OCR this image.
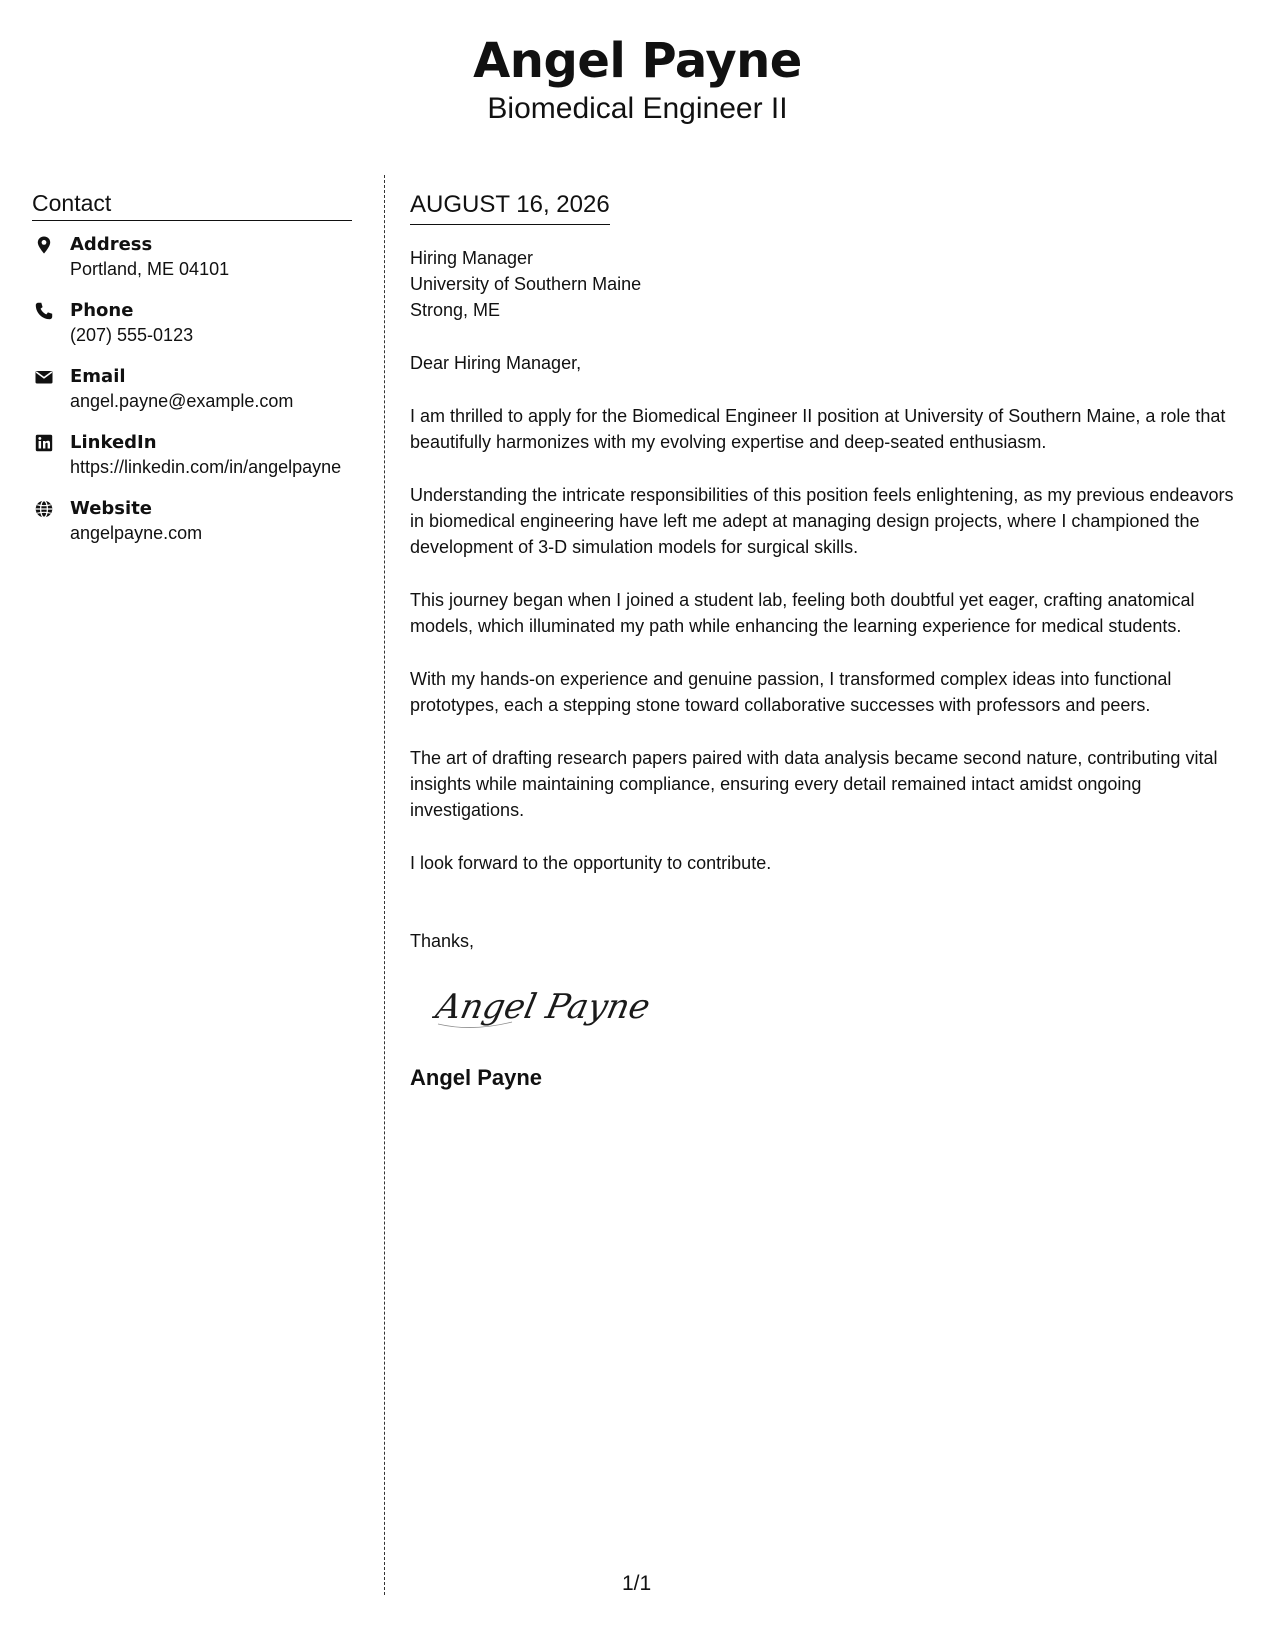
Angel Payne
Biomedical Engineer II
Contact
Address
Portland, ME 04101
Phone
(207) 555-0123
Email
angel.payne@example.com
LinkedIn
https://linkedin.com/in/angelpayne
Website
angelpayne.com
AUGUST 16, 2026
Hiring Manager
University of Southern Maine
Strong, ME

Dear Hiring Manager,

I am thrilled to apply for the Biomedical Engineer II position at University of Southern Maine, a role that beautifully harmonizes with my evolving expertise and deep-seated enthusiasm.

Understanding the intricate responsibilities of this position feels enlightening, as my previous endeavors in biomedical engineering have left me adept at managing design projects, where I championed the development of 3-D simulation models for surgical skills.

This journey began when I joined a student lab, feeling both doubtful yet eager, crafting anatomical models, which illuminated my path while enhancing the learning experience for medical students.

With my hands-on experience and genuine passion, I transformed complex ideas into functional prototypes, each a stepping stone toward collaborative successes with professors and peers.

The art of drafting research papers paired with data analysis became second nature, contributing vital insights while maintaining compliance, ensuring every detail remained intact amidst ongoing investigations.

I look forward to the opportunity to contribute.

Thanks,
Angel Payne
Angel Payne
1/1
